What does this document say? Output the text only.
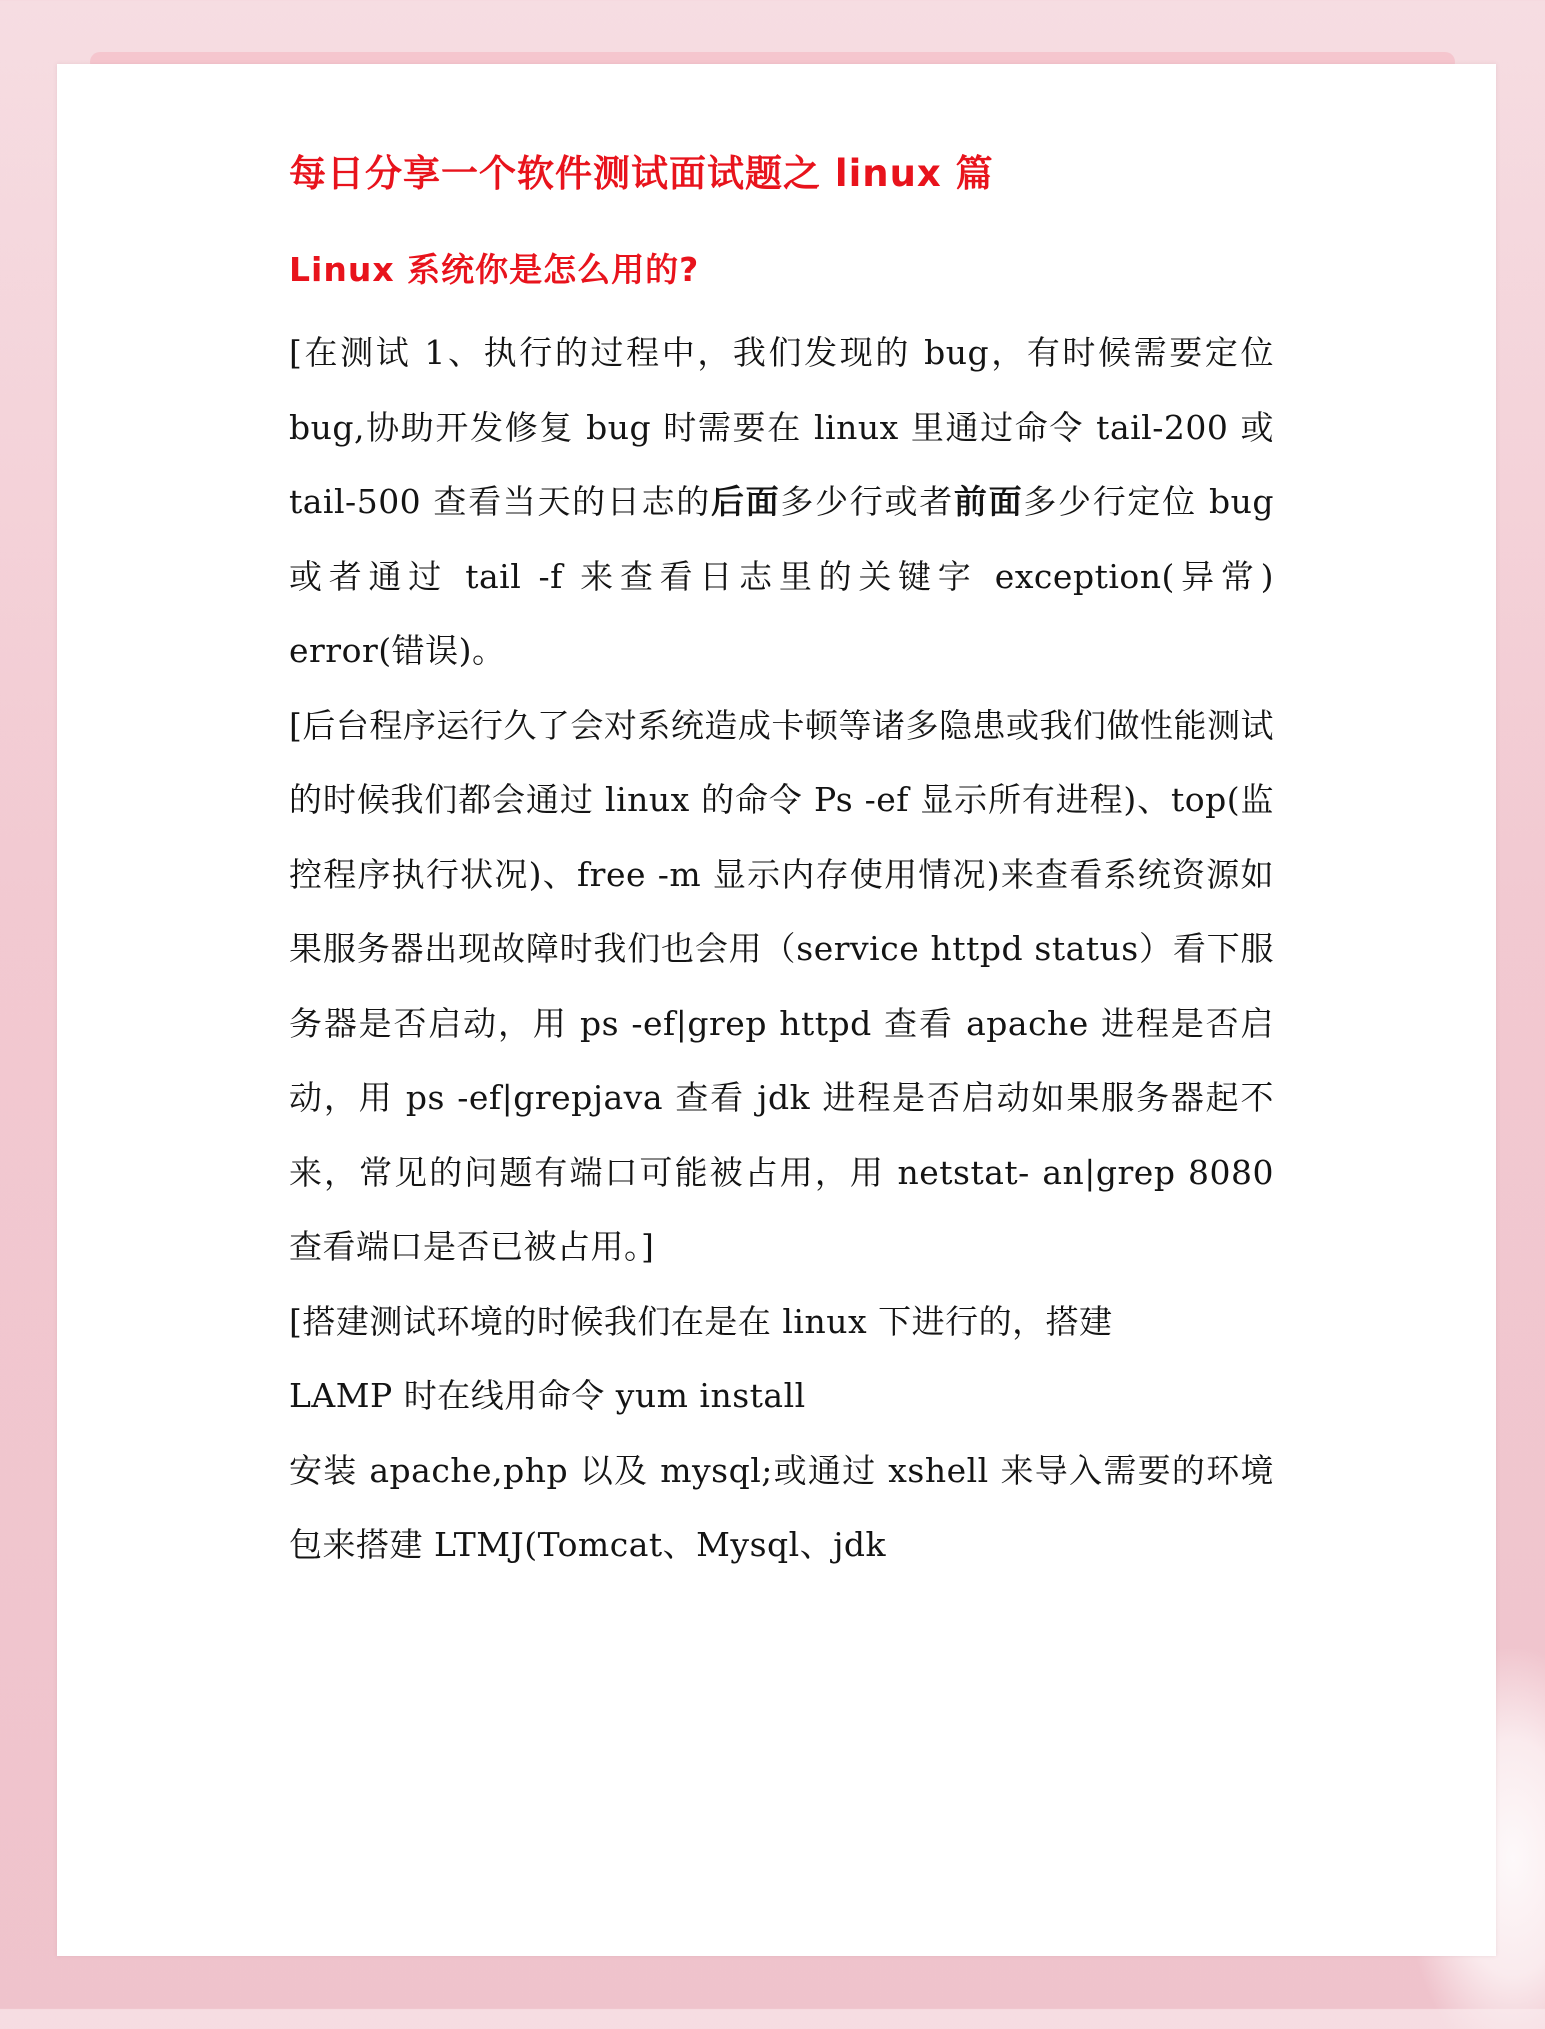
每日分享一个软件测试面试题之 linux 篇
Linux 系统你是怎么用的?

[在测试 1、执行的过程中，我们发现的 bug，有时候需要定位 bug,协助开发修复 bug 时需要在 linux 里通过命令 tail-200 或 tail-500 查看当天的日志的后面多少行或者前面多少行定位 bug 或者通过 tail -f 来查看日志里的关键字 exception(异常) error(错误)。

[后台程序运行久了会对系统造成卡顿等诸多隐患或我们做性能测试的时候我们都会通过 linux 的命令 Ps -ef 显示所有进程)、top(监控程序执行状况)、free -m 显示内存使用情况)来查看系统资源如果服务器出现故障时我们也会用（service httpd status）看下服务器是否启动，用 ps -ef|grep httpd 查看 apache 进程是否启动，用 ps -ef|grepjava 查看 jdk 进程是否启动如果服务器起不来，常见的问题有端口可能被占用，用 netstat- an|grep 8080 查看端口是否已被占用。]

[搭建测试环境的时候我们在是在 linux 下进行的，搭建
LAMP 时在线用命令 yum install
安装 apache,php 以及 mysql;或通过 xshell 来导入需要的环境包来搭建 LTMJ(Tomcat、Mysql、jdk
